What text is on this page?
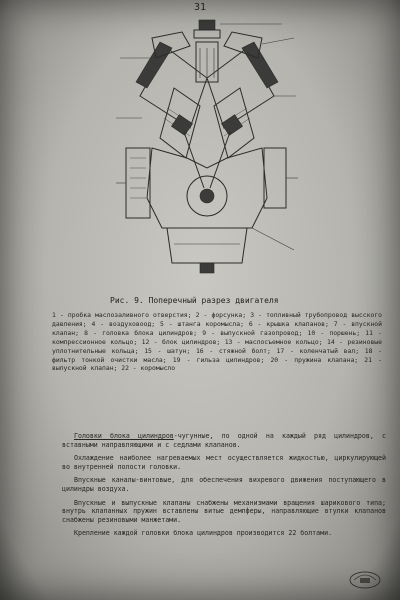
31
Рис. 9. Поперечный разрез двигателя
1 - пробка маслозаливного отверстия; 2 - форсунка; 3 - топливный трубопровод высского давления; 4 - воздуховоод; 5 - штанга коромысла; 6 - крышка клапанов; 7 - впускной клапан; 8 - головка блока цилиндров; 9 - выпускной газопровод; 10 - поршень; 11 - компрессионное кольцо; 12 - блок цилиндров; 13 - маслосъемное кольцо; 14 - резиновые уплотнительные кольца; 15 - шатун; 16 - стяжной болт; 17 - коленчатый вал; 18 - фильтр тонкой очистки масла; 19 - гильза цилиндров; 20 - пружина клапана; 21 - выпускной клапан; 22 - коромысло

Головки блока цилиндров-чугунные, по одной на каждый ряд цилиндров, с вставными направляющими и с седлами клапанов.

Охлаждение наиболее нагреваемых мест осуществляется жидкостью, циркулирующей во внутренней полости головки.

Впускные каналы-винтовые, для обеспечения вихревого движения поступающего в цилиндры воздуха.

Впускные и выпускные клапаны снабжены механизмами вращения шарикового типа; внутрь клапанных пружин вставлены витые демпферы, направляющие втулки клапанов снабжены резиновыми манжетами.

Крепление каждой головки блока цилиндров производится 22 болтами.
